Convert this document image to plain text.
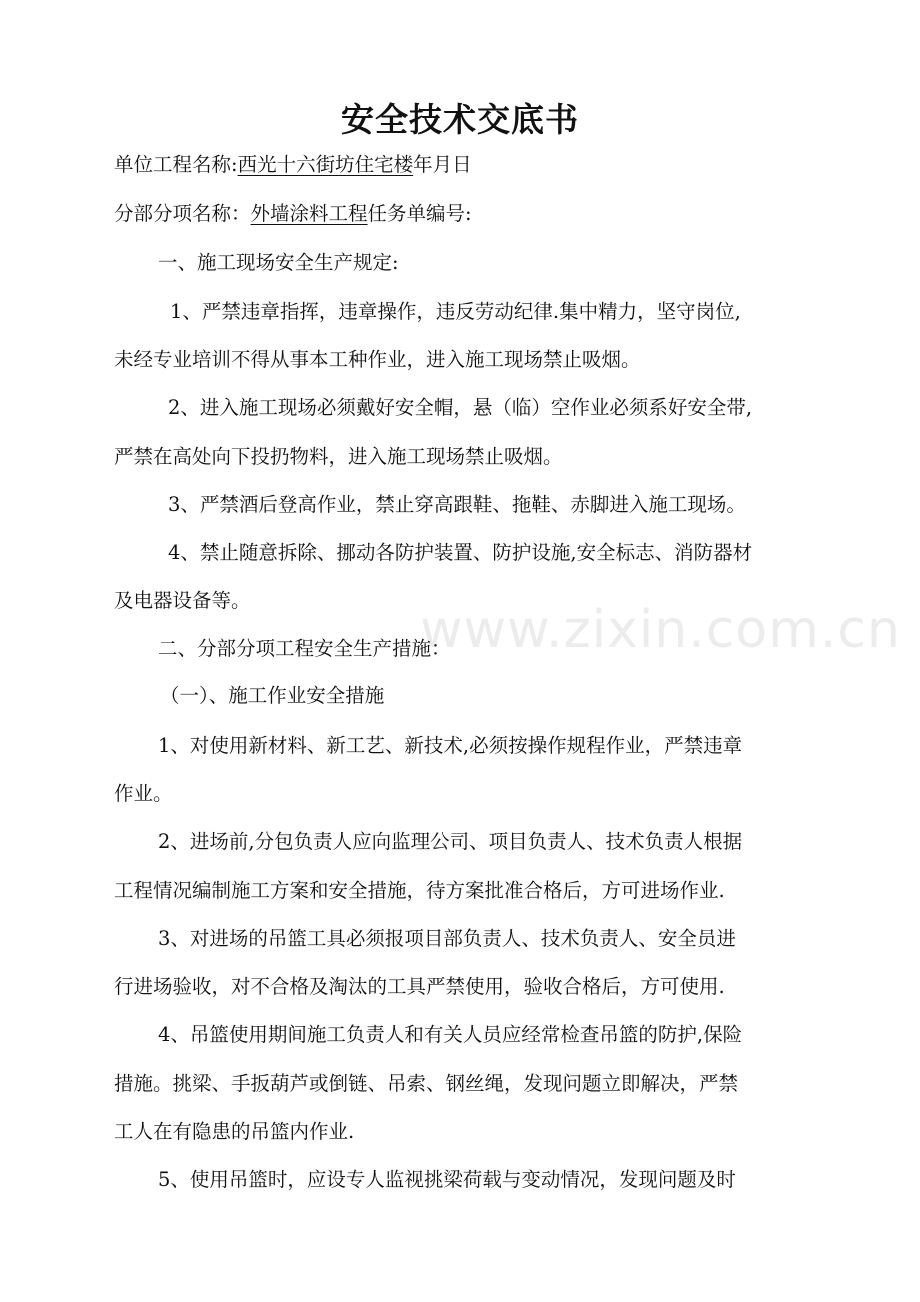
www.zixin.com.cn
安全技术交底书
单位工程名称:西光十六街坊住宅楼年月日
分部分项名称：外墙涂料工程任务单编号:
一、施工现场安全生产规定:
1、严禁违章指挥，违章操作，违反劳动纪律.集中精力，坚守岗位,
未经专业培训不得从事本工种作业，进入施工现场禁止吸烟。
2、进入施工现场必须戴好安全帽，悬（临）空作业必须系好安全带,
严禁在高处向下投扔物料，进入施工现场禁止吸烟。
3、严禁酒后登高作业，禁止穿高跟鞋、拖鞋、赤脚进入施工现场。
4、禁止随意拆除、挪动各防护装置、防护设施,安全标志、消防器材
及电器设备等。
二、分部分项工程安全生产措施：
（一）、施工作业安全措施
1、对使用新材料、新工艺、新技术,必须按操作规程作业，严禁违章
作业。
2、进场前,分包负责人应向监理公司、项目负责人、技术负责人根据
工程情况编制施工方案和安全措施，待方案批准合格后，方可进场作业.
3、对进场的吊篮工具必须报项目部负责人、技术负责人、安全员进
行进场验收，对不合格及淘汰的工具严禁使用，验收合格后，方可使用.
4、吊篮使用期间施工负责人和有关人员应经常检查吊篮的防护,保险
措施。挑梁、手扳葫芦或倒链、吊索、钢丝绳，发现问题立即解决，严禁
工人在有隐患的吊篮内作业.
5、使用吊篮时，应设专人监视挑梁荷载与变动情况，发现问题及时
